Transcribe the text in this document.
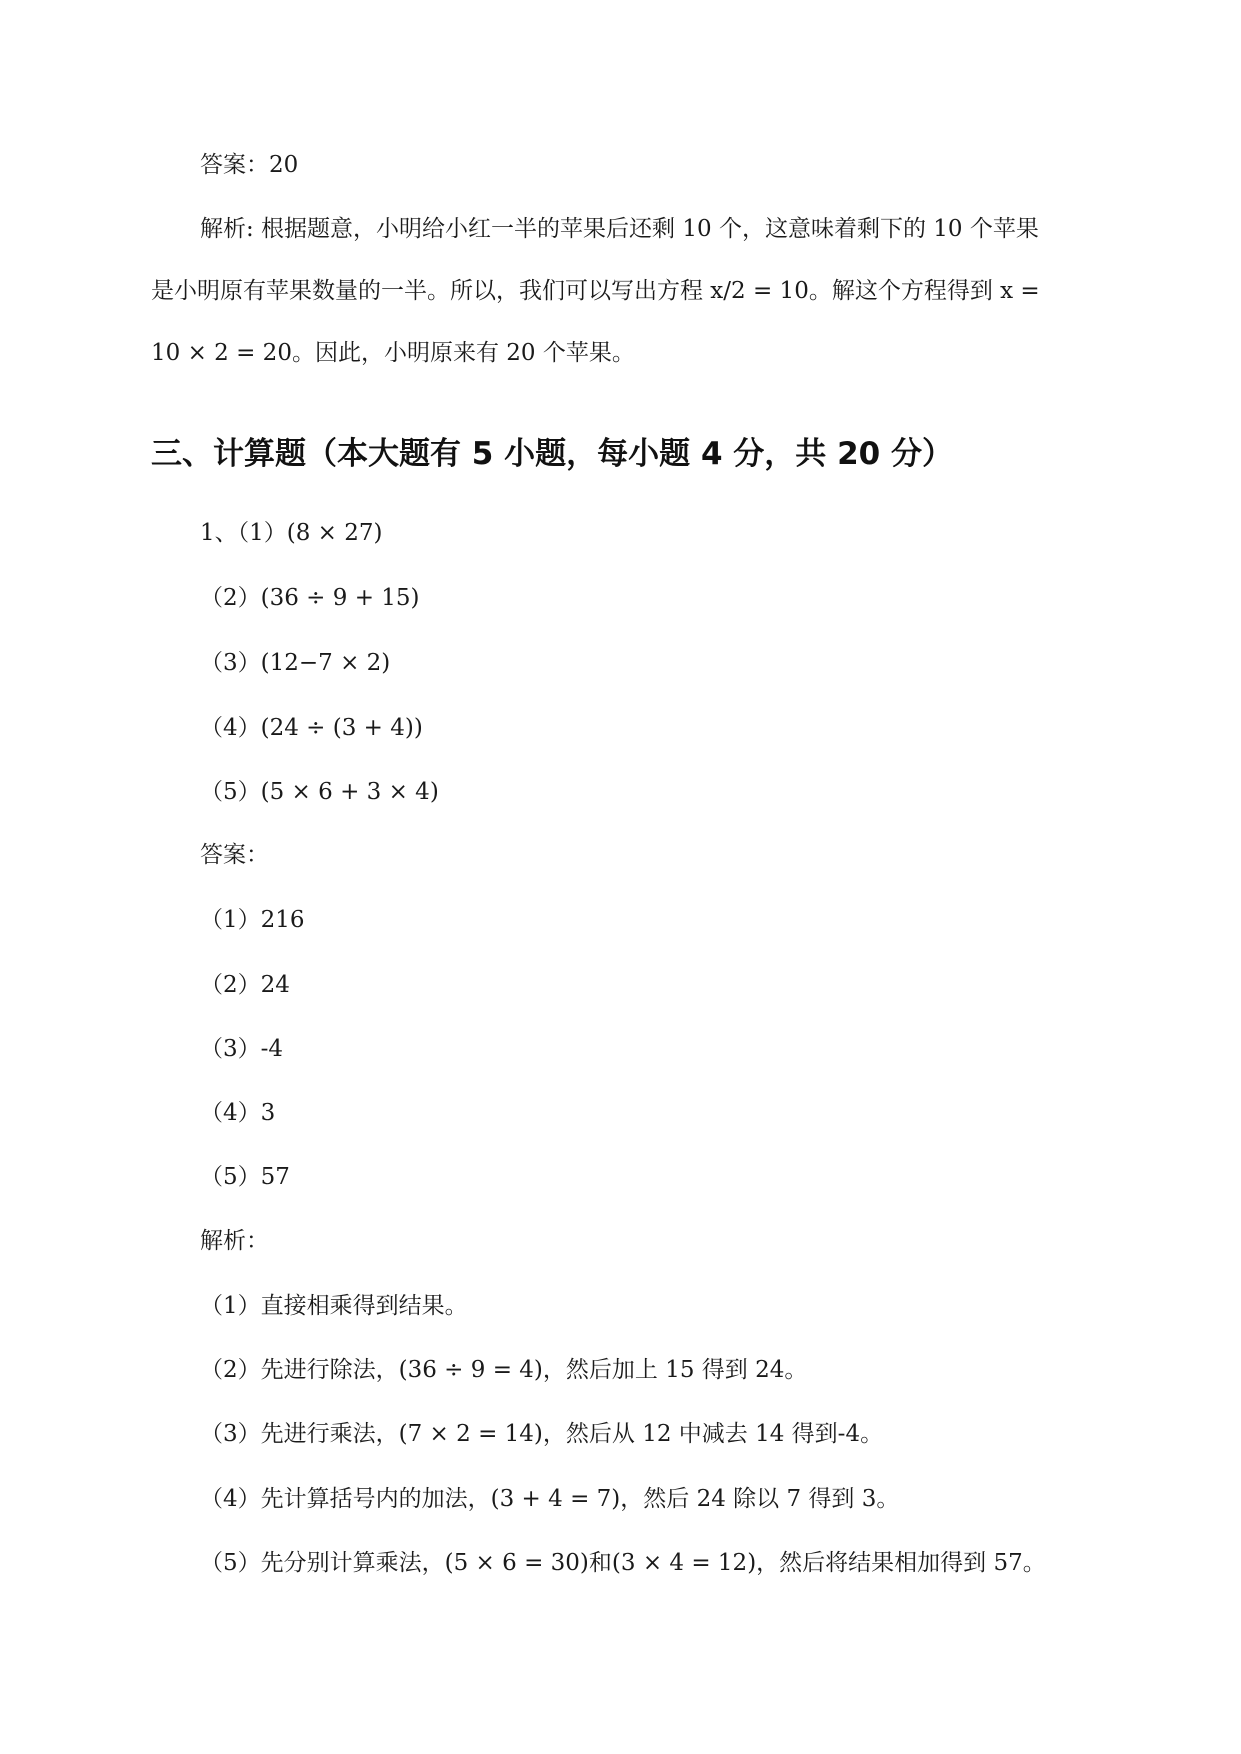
答案：20
解析: 根据题意，小明给小红一半的苹果后还剩 10 个，这意味着剩下的 10 个苹果
是小明原有苹果数量的一半。所以，我们可以写出方程 x/2 = 10。解这个方程得到 x =
10 × 2 = 20。因此，小明原来有 20 个苹果。
三、计算题（本大题有 5 小题，每小题 4 分，共 20 分）
1、（1）(8 × 27)
（2）(36 ÷ 9 + 15)
（3）(12−7 × 2)
（4）(24 ÷ (3 + 4))
（5）(5 × 6 + 3 × 4)
答案：
（1）216
（2）24
（3）-4
（4）3
（5）57
解析：
（1）直接相乘得到结果。
（2）先进行除法，(36 ÷ 9 = 4)，然后加上 15 得到 24。
（3）先进行乘法，(7 × 2 = 14)，然后从 12 中减去 14 得到-4。
（4）先计算括号内的加法，(3 + 4 = 7)，然后 24 除以 7 得到 3。
（5）先分别计算乘法，(5 × 6 = 30)和(3 × 4 = 12)，然后将结果相加得到 57。
